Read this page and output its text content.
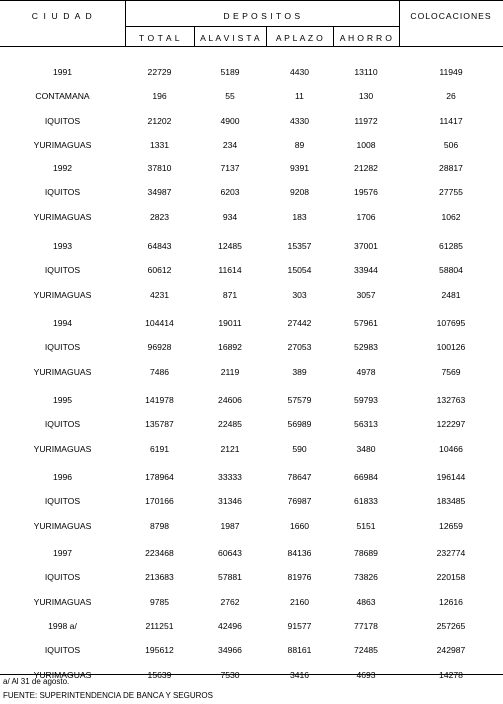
C I U D A D	D E P O S I T O S	COLOCACIONES
T O T A L	A L A V I S T A	A P L A Z O	A H O R R O
1991	22729	5189	4430	13110	11949
CONTAMANA	196	55	11	130	26
IQUITOS	21202	4900	4330	11972	11417
YURIMAGUAS	1331	234	89	1008	506
1992	37810	7137	9391	21282	28817
IQUITOS	34987	6203	9208	19576	27755
YURIMAGUAS	2823	934	183	1706	1062
1993	64843	12485	15357	37001	61285
IQUITOS	60612	11614	15054	33944	58804
YURIMAGUAS	4231	871	303	3057	2481
1994	104414	19011	27442	57961	107695
IQUITOS	96928	16892	27053	52983	100126
YURIMAGUAS	7486	2119	389	4978	7569
1995	141978	24606	57579	59793	132763
IQUITOS	135787	22485	56989	56313	122297
YURIMAGUAS	6191	2121	590	3480	10466
1996	178964	33333	78647	66984	196144
IQUITOS	170166	31346	76987	61833	183485
YURIMAGUAS	8798	1987	1660	5151	12659
1997	223468	60643	84136	78689	232774
IQUITOS	213683	57881	81976	73826	220158
YURIMAGUAS	9785	2762	2160	4863	12616
1998 a/	211251	42496	91577	77178	257265
IQUITOS	195612	34966	88161	72485	242987
YURIMAGUAS	15639	7530	3416	4693	14278
a/ Al 31 de agosto.
FUENTE: SUPERINTENDENCIA DE BANCA Y SEGUROS
